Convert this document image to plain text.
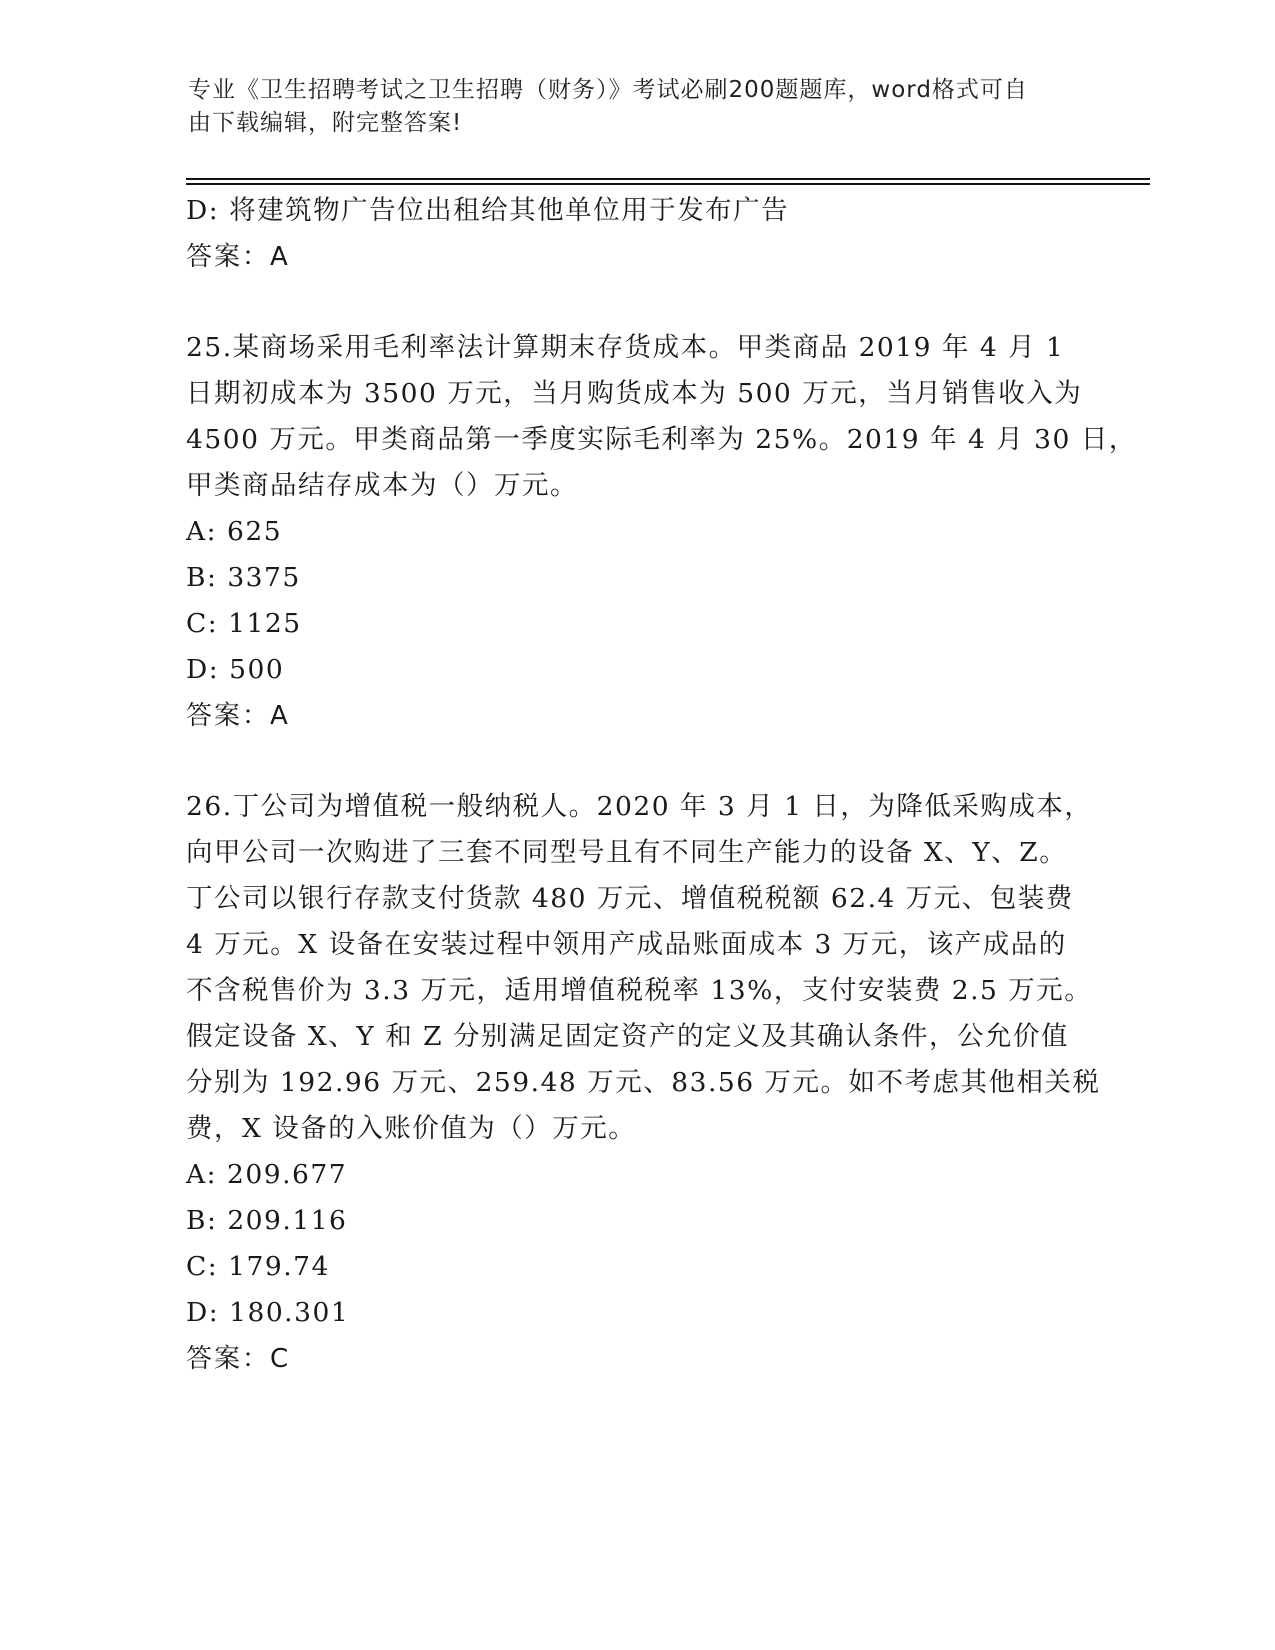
专业《卫生招聘考试之卫生招聘（财务）》考试必刷200题题库，word格式可自
由下载编辑，附完整答案!
D: 将建筑物广告位出租给其他单位用于发布广告
答案：A
25.某商场采用毛利率法计算期末存货成本。甲类商品 2019 年 4 月 1
日期初成本为 3500 万元，当月购货成本为 500 万元，当月销售收入为
4500 万元。甲类商品第一季度实际毛利率为 25%。2019 年 4 月 30 日，
甲类商品结存成本为（）万元。
A: 625
B: 3375
C: 1125
D: 500
答案：A
26.丁公司为增值税一般纳税人。2020 年 3 月 1 日，为降低采购成本，
向甲公司一次购进了三套不同型号且有不同生产能力的设备 X、Y、Z。
丁公司以银行存款支付货款 480 万元、增值税税额 62.4 万元、包装费
4 万元。X 设备在安装过程中领用产成品账面成本 3 万元，该产成品的
不含税售价为 3.3 万元，适用增值税税率 13%，支付安装费 2.5 万元。
假定设备 X、Y 和 Z 分别满足固定资产的定义及其确认条件，公允价值
分别为 192.96 万元、259.48 万元、83.56 万元。如不考虑其他相关税
费，X 设备的入账价值为（）万元。
A: 209.677
B: 209.116
C: 179.74
D: 180.301
答案：C
